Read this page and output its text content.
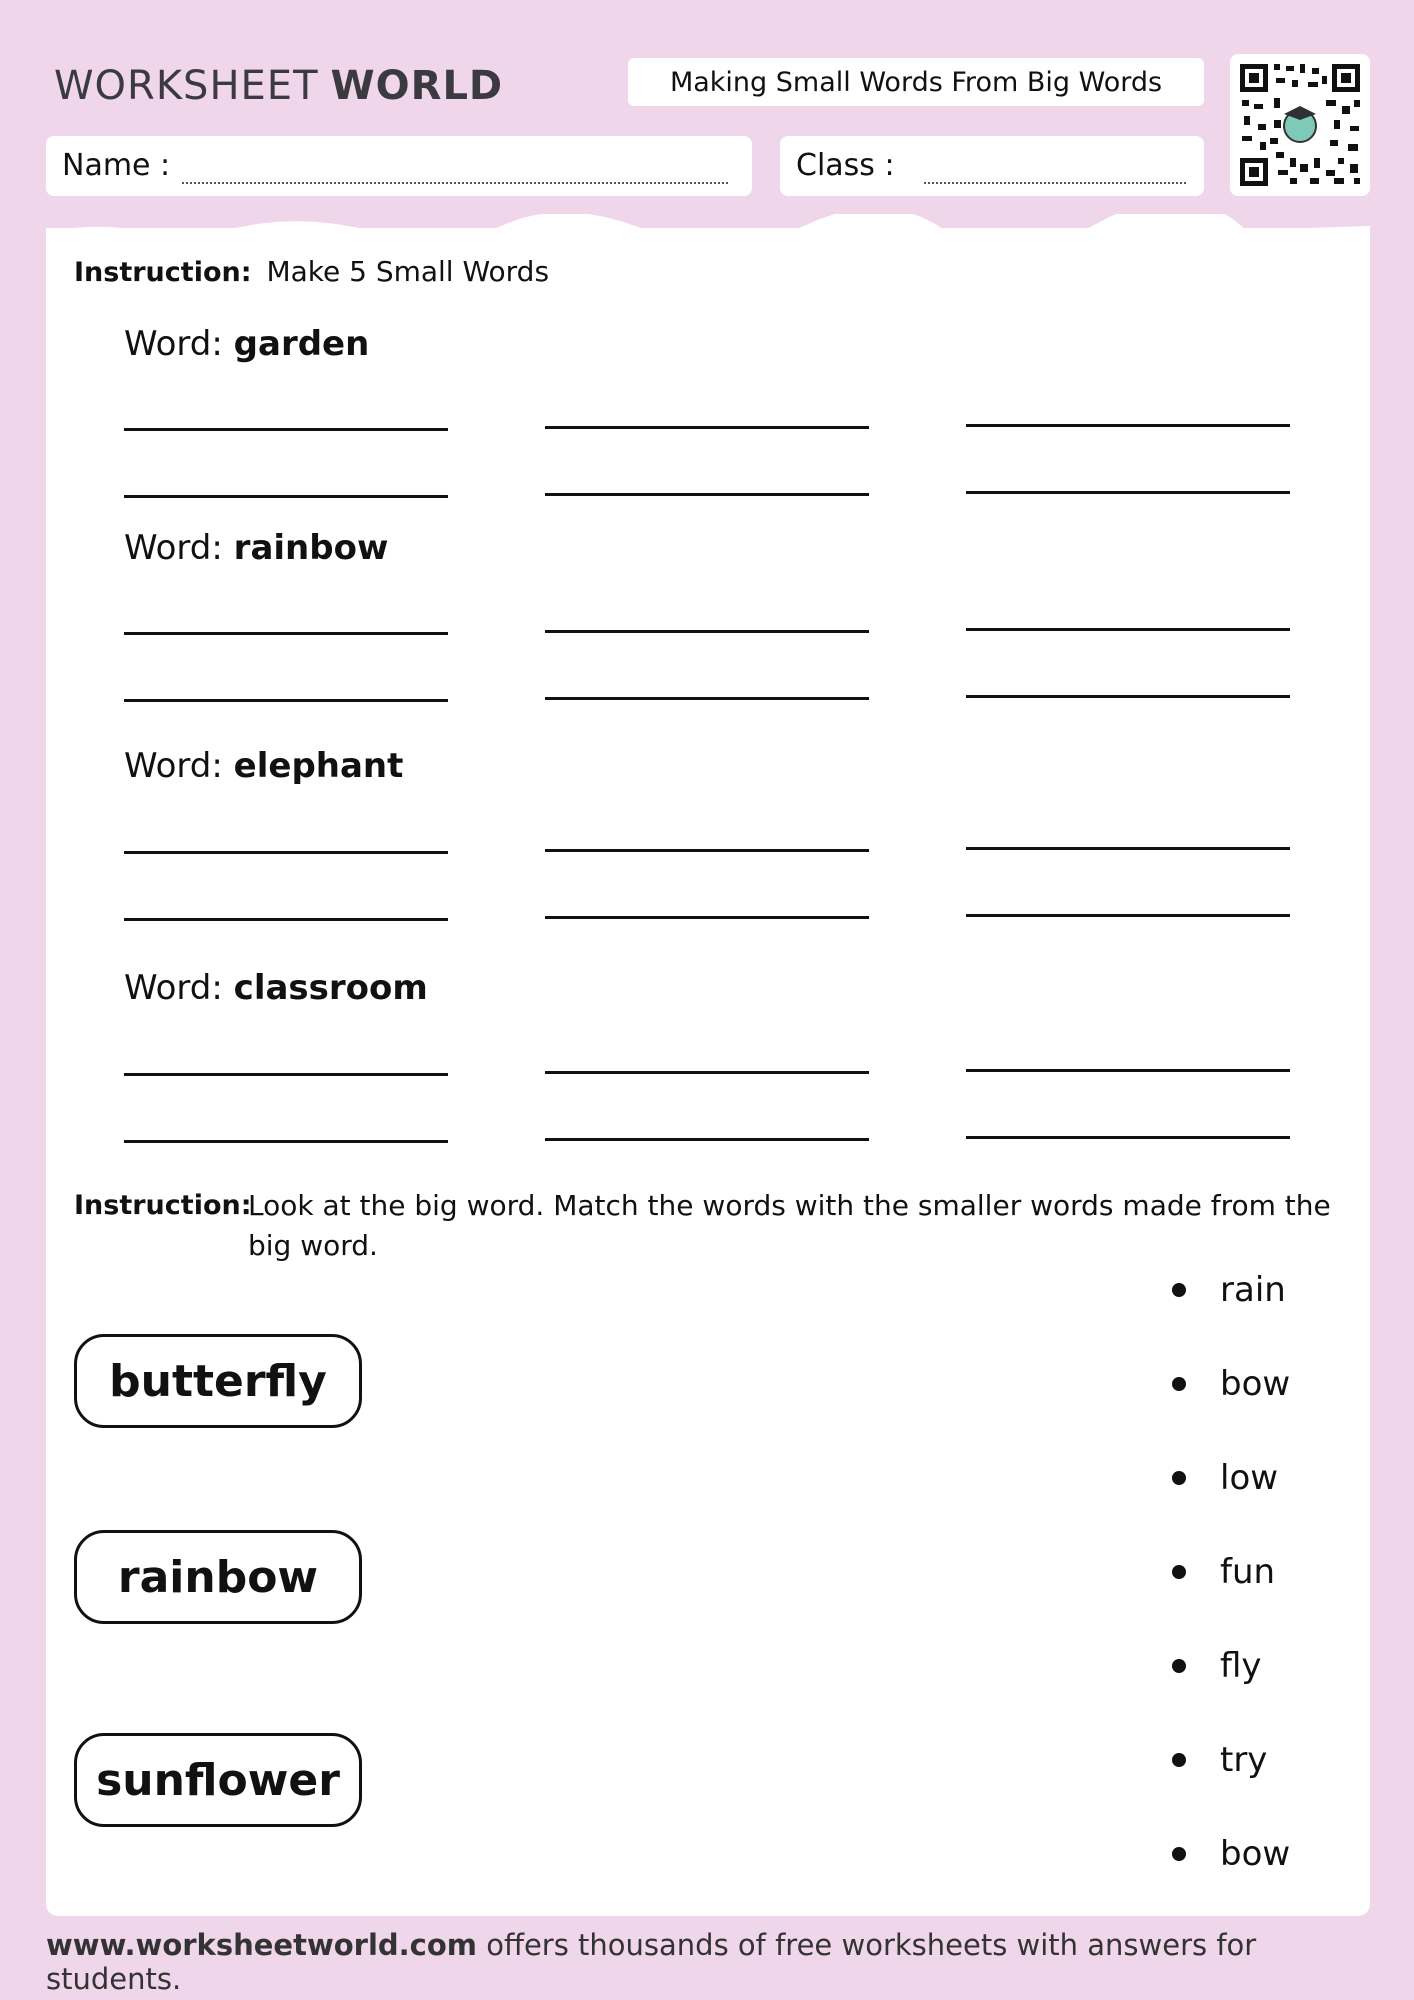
WORKSHEET WORLD	Making Small Words From Big Words
Name :	Class :
Instruction: Make 5 Small Words
Word: garden
Word: rainbow
Word: elephant
Word: classroom
Instruction:
Look at the big word. Match the words with the smaller words made from the
big word.
butterfly
rainbow
sunflower
rain
bow
low
fun
fly
try
bow
www.worksheetworld.com offers thousands of free worksheets with answers for students.
